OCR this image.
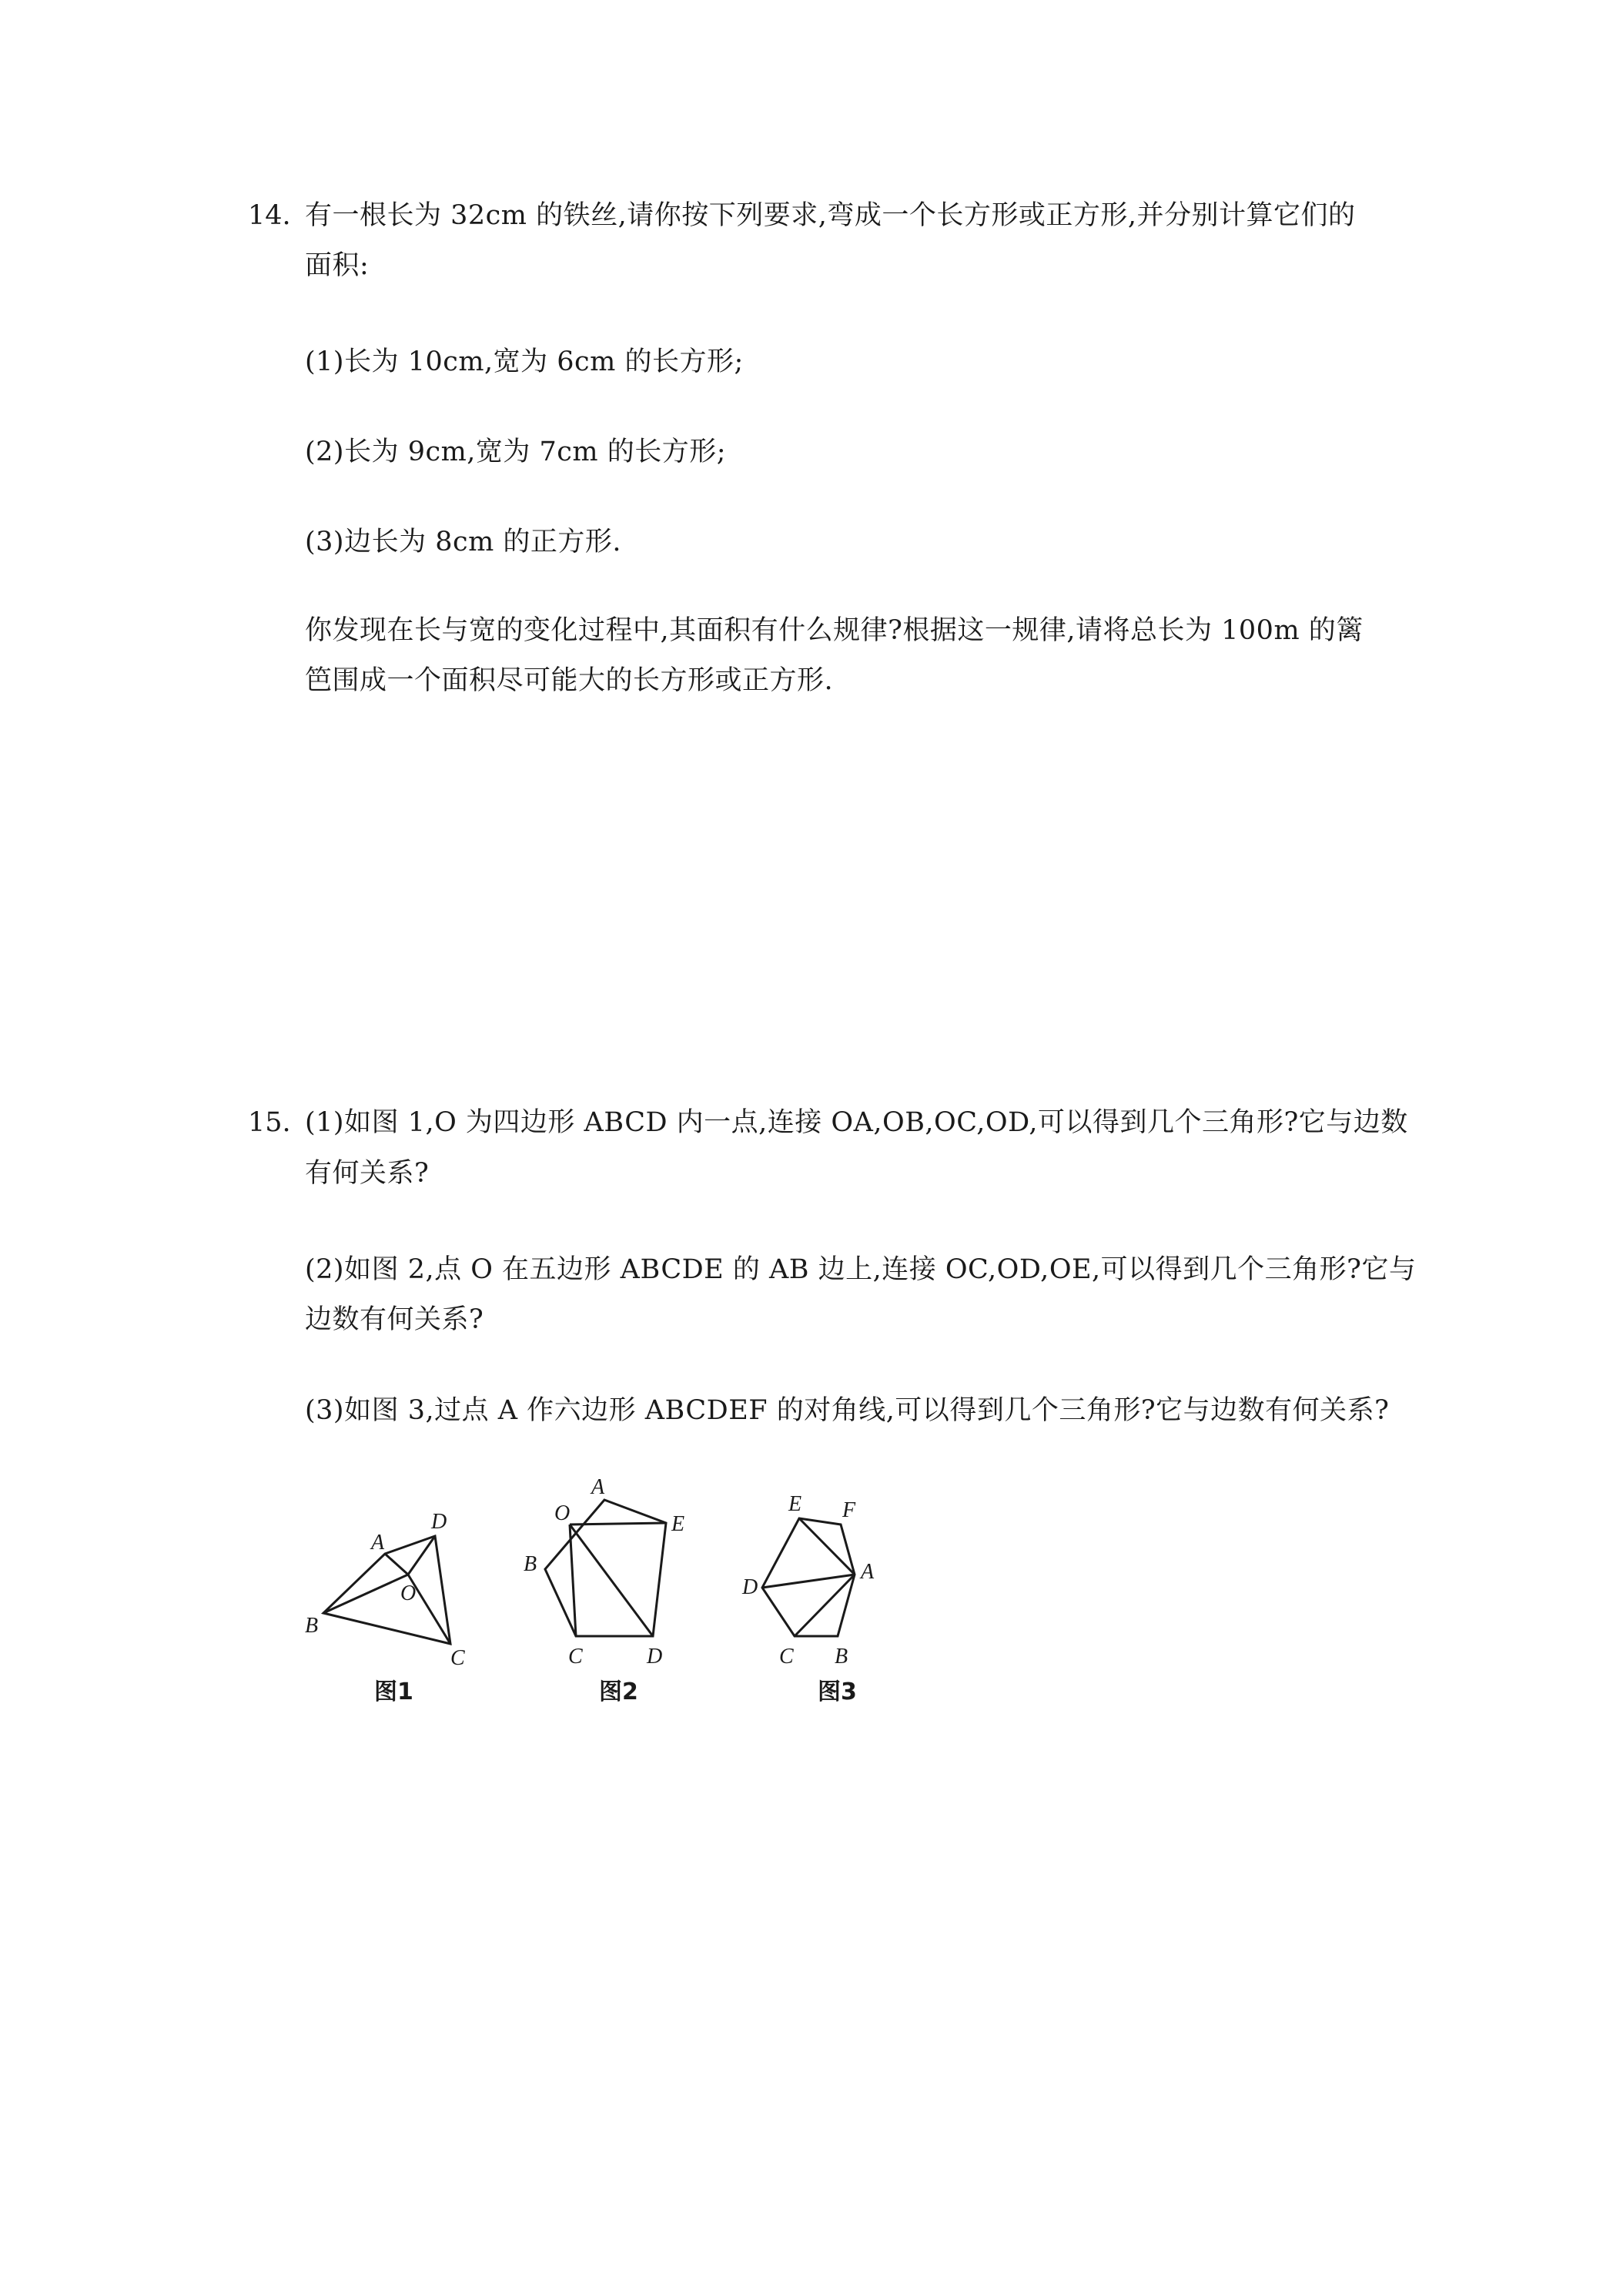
14. 有一根长为 32cm 的铁丝,请你按下列要求,弯成一个长方形或正方形,并分别计算它们的
面积:
(1)长为 10cm,宽为 6cm 的长方形;
(2)长为 9cm,宽为 7cm 的长方形;
(3)边长为 8cm 的正方形.
你发现在长与宽的变化过程中,其面积有什么规律?根据这一规律,请将总长为 100m 的篱
笆围成一个面积尽可能大的长方形或正方形.
15. (1)如图 1,O 为四边形 ABCD 内一点,连接 OA,OB,OC,OD,可以得到几个三角形?它与边数
有何关系?
(2)如图 2,点 O 在五边形 ABCDE 的 AB 边上,连接 OC,OD,OE,可以得到几个三角形?它与
边数有何关系?
(3)如图 3,过点 A 作六边形 ABCDEF 的对角线,可以得到几个三角形?它与边数有何关系?
A
B
C
D
O
图1
A
B
C	D
E
O
图2
A
B
C
D
E F
图3
